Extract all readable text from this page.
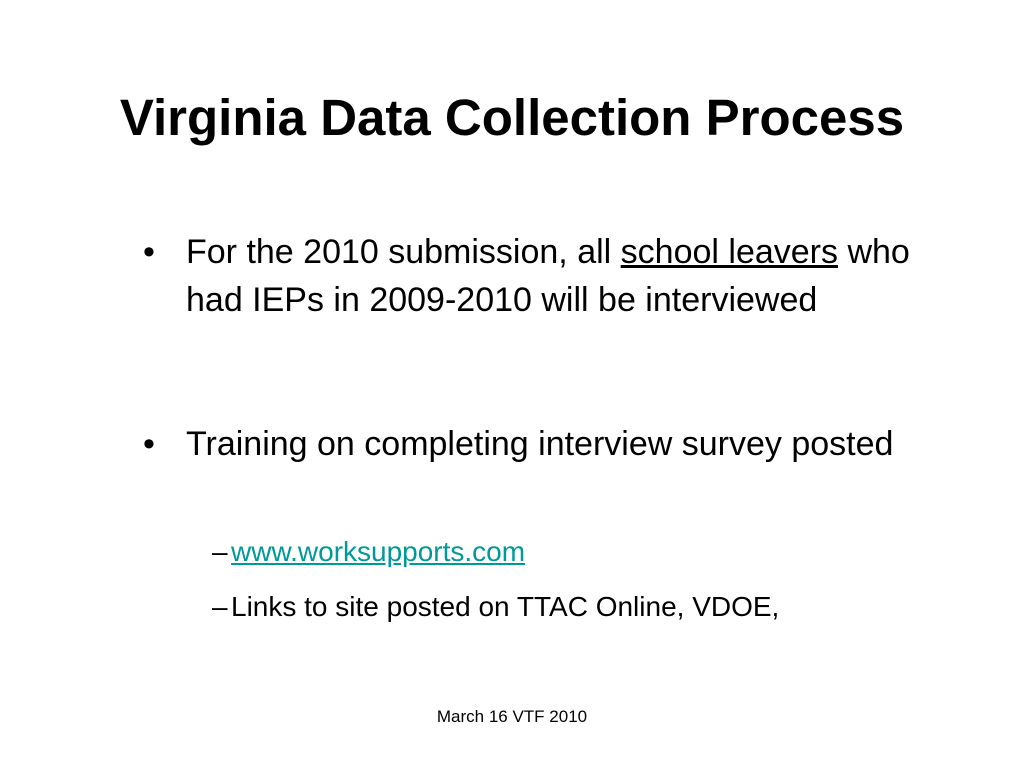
Virginia Data Collection Process
• For the 2010 submission, all school leavers who had IEPs in 2009-2010 will be interviewed
• Training on completing interview survey posted
– www.worksupports.com
– Links to site posted on TTAC Online, VDOE,
March 16 VTF 2010
